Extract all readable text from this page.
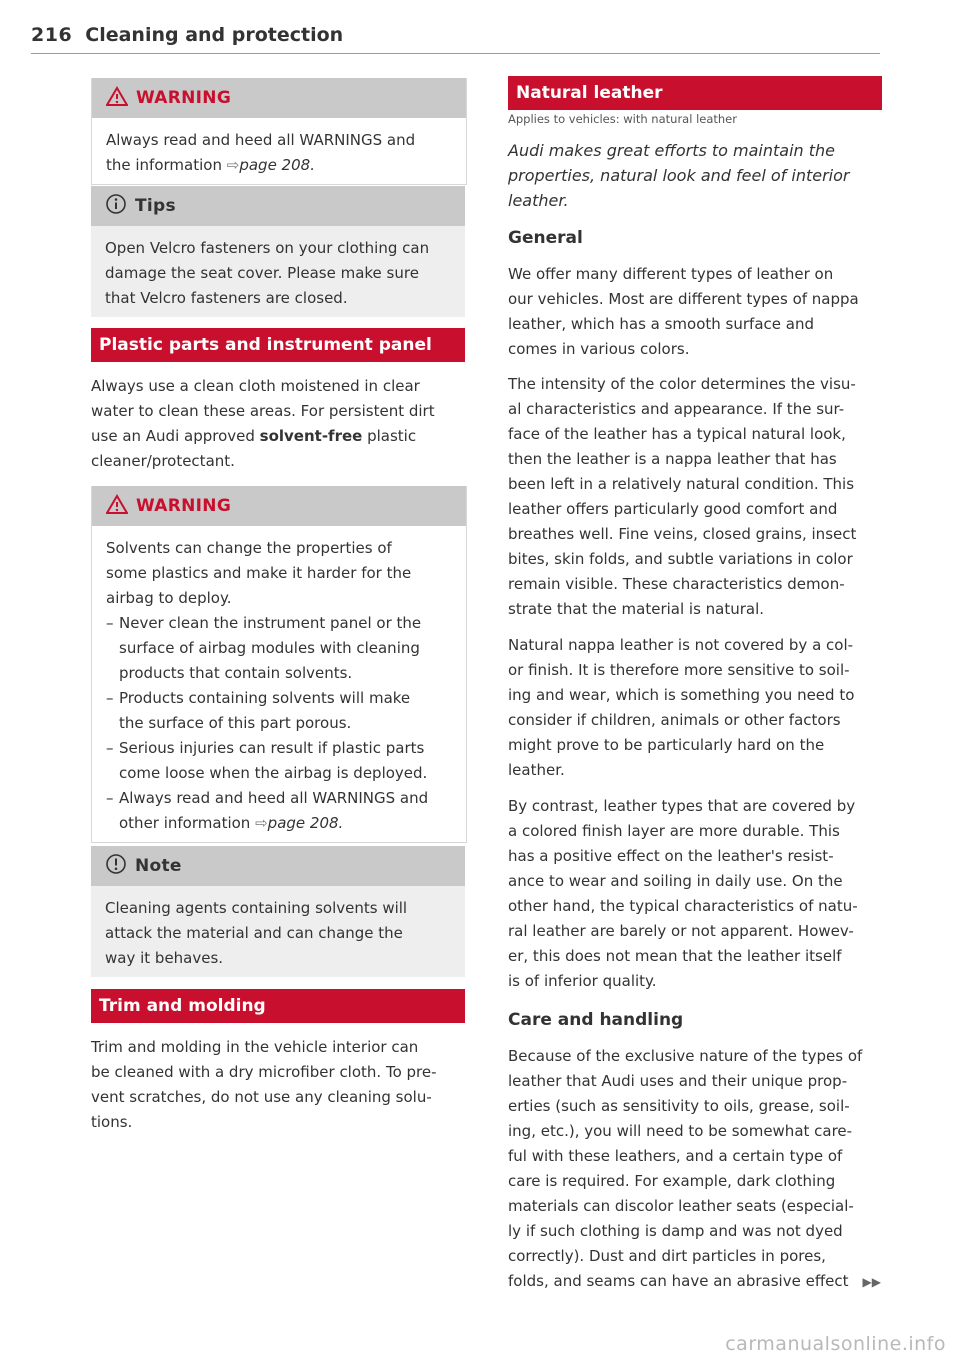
216 Cleaning and protection
WARNING
Always read and heed all WARNINGS and
the information ⇨page 208.
Tips
Open Velcro fasteners on your clothing can
damage the seat cover. Please make sure
that Velcro fasteners are closed.
Plastic parts and instrument panel
Always use a clean cloth moistened in clear
water to clean these areas. For persistent dirt
use an Audi approved solvent-free plastic
cleaner/protectant.
WARNING
Solvents can change the properties of
some plastics and make it harder for the
airbag to deploy.
– Never clean the instrument panel or the
surface of airbag modules with cleaning
products that contain solvents.
– Products containing solvents will make
the surface of this part porous.
– Serious injuries can result if plastic parts
come loose when the airbag is deployed.
– Always read and heed all WARNINGS and
other information ⇨page 208.
Note
Cleaning agents containing solvents will
attack the material and can change the
way it behaves.
Trim and molding
Trim and molding in the vehicle interior can
be cleaned with a dry microfiber cloth. To pre-
vent scratches, do not use any cleaning solu-
tions.
Natural leather
Applies to vehicles: with natural leather
Audi makes great efforts to maintain the
properties, natural look and feel of interior
leather.
General
We offer many different types of leather on
our vehicles. Most are different types of nappa
leather, which has a smooth surface and
comes in various colors.
The intensity of the color determines the visu-
al characteristics and appearance. If the sur-
face of the leather has a typical natural look,
then the leather is a nappa leather that has
been left in a relatively natural condition. This
leather offers particularly good comfort and
breathes well. Fine veins, closed grains, insect
bites, skin folds, and subtle variations in color
remain visible. These characteristics demon-
strate that the material is natural.
Natural nappa leather is not covered by a col-
or finish. It is therefore more sensitive to soil-
ing and wear, which is something you need to
consider if children, animals or other factors
might prove to be particularly hard on the
leather.
By contrast, leather types that are covered by
a colored finish layer are more durable. This
has a positive effect on the leather's resist-
ance to wear and soiling in daily use. On the
other hand, the typical characteristics of natu-
ral leather are barely or not apparent. Howev-
er, this does not mean that the leather itself
is of inferior quality.
Care and handling
Because of the exclusive nature of the types of
leather that Audi uses and their unique prop-
erties (such as sensitivity to oils, grease, soil-
ing, etc.), you will need to be somewhat care-
ful with these leathers, and a certain type of
care is required. For example, dark clothing
materials can discolor leather seats (especial-
ly if such clothing is damp and was not dyed
correctly). Dust and dirt particles in pores,
folds, and seams can have an abrasive effect ▶▶
carmanualsonline.info
